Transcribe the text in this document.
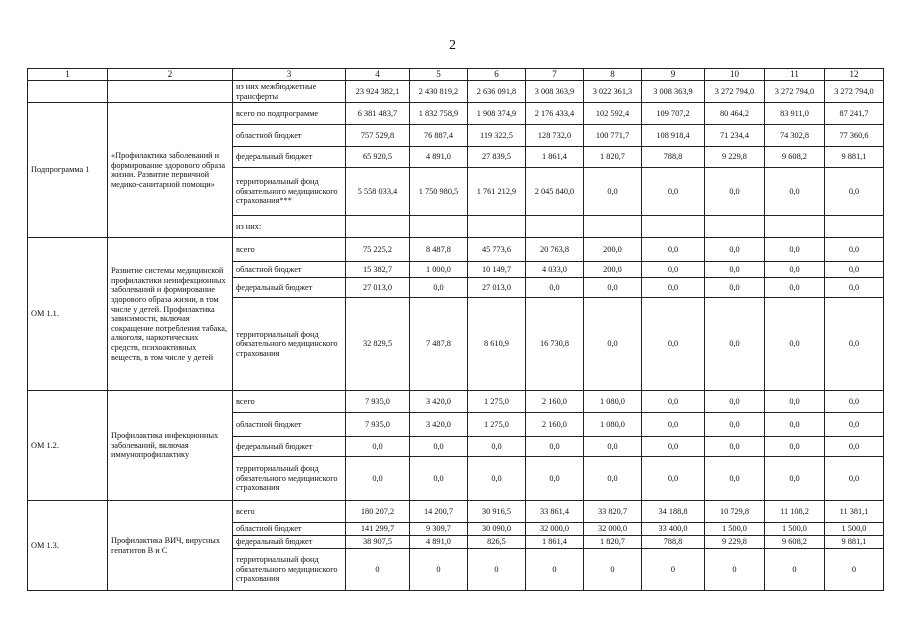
2
1	2	3	4	5	6	7	8	9	10	11	12
		из них межбюджетные трансферты	23 924 382,1	2 430 819,2	2 636 091,8	3 008 363,9	3 022 361,3	3 008 363,9	3 272 794,0	3 272 794,0	3 272 794,0
Подпрограмма 1	«Профилактика заболеваний и формирование здорового образа жизни. Развитие первичной медико-санитарной помощи»	всего по подпрограмме	6 381 483,7	1 832 758,9	1 908 374,9	2 176 433,4	102 592,4	109 707,2	80 464,2	83 911,0	87 241,7
		областной бюджет	757 529,8	76 887,4	119 322,5	128 732,0	100 771,7	108 918,4	71 234,4	74 302,8	77 360,6
		федеральный бюджет	65 920,5	4 891,0	27 839,5	1 861,4	1 820,7	788,8	9 229,8	9 608,2	9 881,1
		территориальный фонд обязательного медицинского страхования***	5 558 033,4	1 750 980,5	1 761 212,9	2 045 840,0	0,0	0,0	0,0	0,0	0,0
		из них:									
ОМ 1.1.	Развитие системы медицинской профилактики неинфекционных заболеваний и формирование здорового образа жизни, в том числе у детей. Профилактика зависимости, включая сокращение потребления табака, алкоголя, наркотических средств, психоактивных веществ, в том числе у детей	всего	75 225,2	8 487,8	45 773,6	20 763,8	200,0	0,0	0,0	0,0	0,0
		областной бюджет	15 382,7	1 000,0	10 149,7	4 033,0	200,0	0,0	0,0	0,0	0,0
		федеральный бюджет	27 013,0	0,0	27 013,0	0,0	0,0	0,0	0,0	0,0	0,0
		территориальный фонд обязательного медицинского страхования	32 829,5	7 487,8	8 610,9	16 730,8	0,0	0,0	0,0	0,0	0,0
ОМ 1.2.	Профилактика инфекционных заболеваний, включая иммунопрофилактику	всего	7 935,0	3 420,0	1 275,0	2 160,0	1 080,0	0,0	0,0	0,0	0,0
		областной бюджет	7 935,0	3 420,0	1 275,0	2 160,0	1 080,0	0,0	0,0	0,0	0,0
		федеральный бюджет	0,0	0,0	0,0	0,0	0,0	0,0	0,0	0,0	0,0
		территориальный фонд обязательного медицинского страхования	0,0	0,0	0,0	0,0	0,0	0,0	0,0	0,0	0,0
ОМ 1.3.	Профилактика ВИЧ, вирусных гепатитов В и С	всего	180 207,2	14 200,7	30 916,5	33 861,4	33 820,7	34 188,8	10 729,8	11 108,2	11 381,1
		областной бюджет	141 299,7	9 309,7	30 090,0	32 000,0	32 000,0	33 400,0	1 500,0	1 500,0	1 500,0
		федеральный бюджет	38 907,5	4 891,0	826,5	1 861,4	1 820,7	788,8	9 229,8	9 608,2	9 881,1
		территориальный фонд обязательного медицинского страхования	0	0	0	0	0	0	0	0	0
